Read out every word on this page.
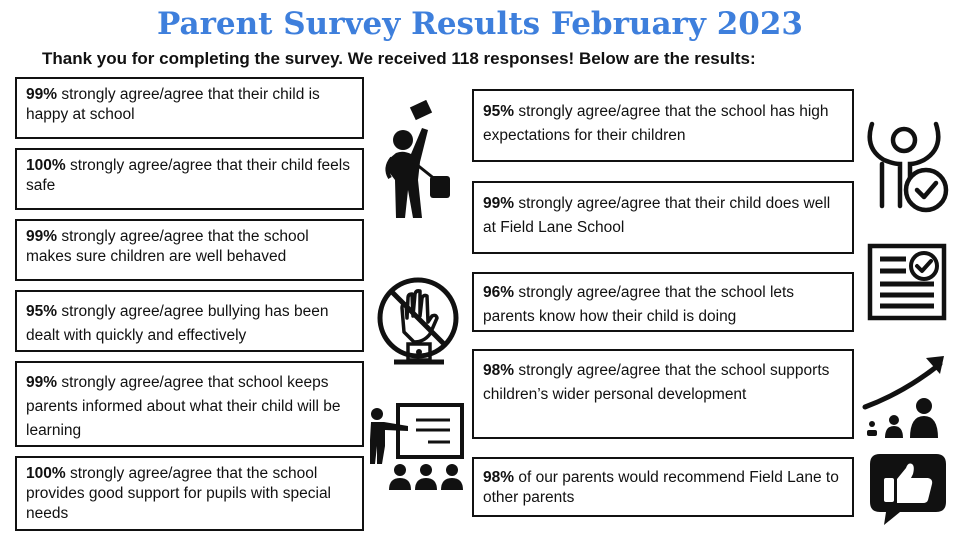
Parent Survey Results February 2023
Thank you for completing the survey. We received 118 responses! Below are the results:
99% strongly agree/agree that their child is happy at school
100% strongly agree/agree that their child feels safe
99% strongly agree/agree that the school makes sure children are well behaved
95% strongly agree/agree bullying has been dealt with quickly and effectively
99% strongly agree/agree that school keeps parents informed about what their child will be learning
100% strongly agree/agree that the school provides good support for pupils with special needs
95% strongly agree/agree that the school has high expectations for their children
99% strongly agree/agree that their child does well at Field Lane School
96% strongly agree/agree that the school lets parents know how their child is doing
98% strongly agree/agree that the school supports children’s wider personal development
98% of our parents would recommend Field Lane to other parents
